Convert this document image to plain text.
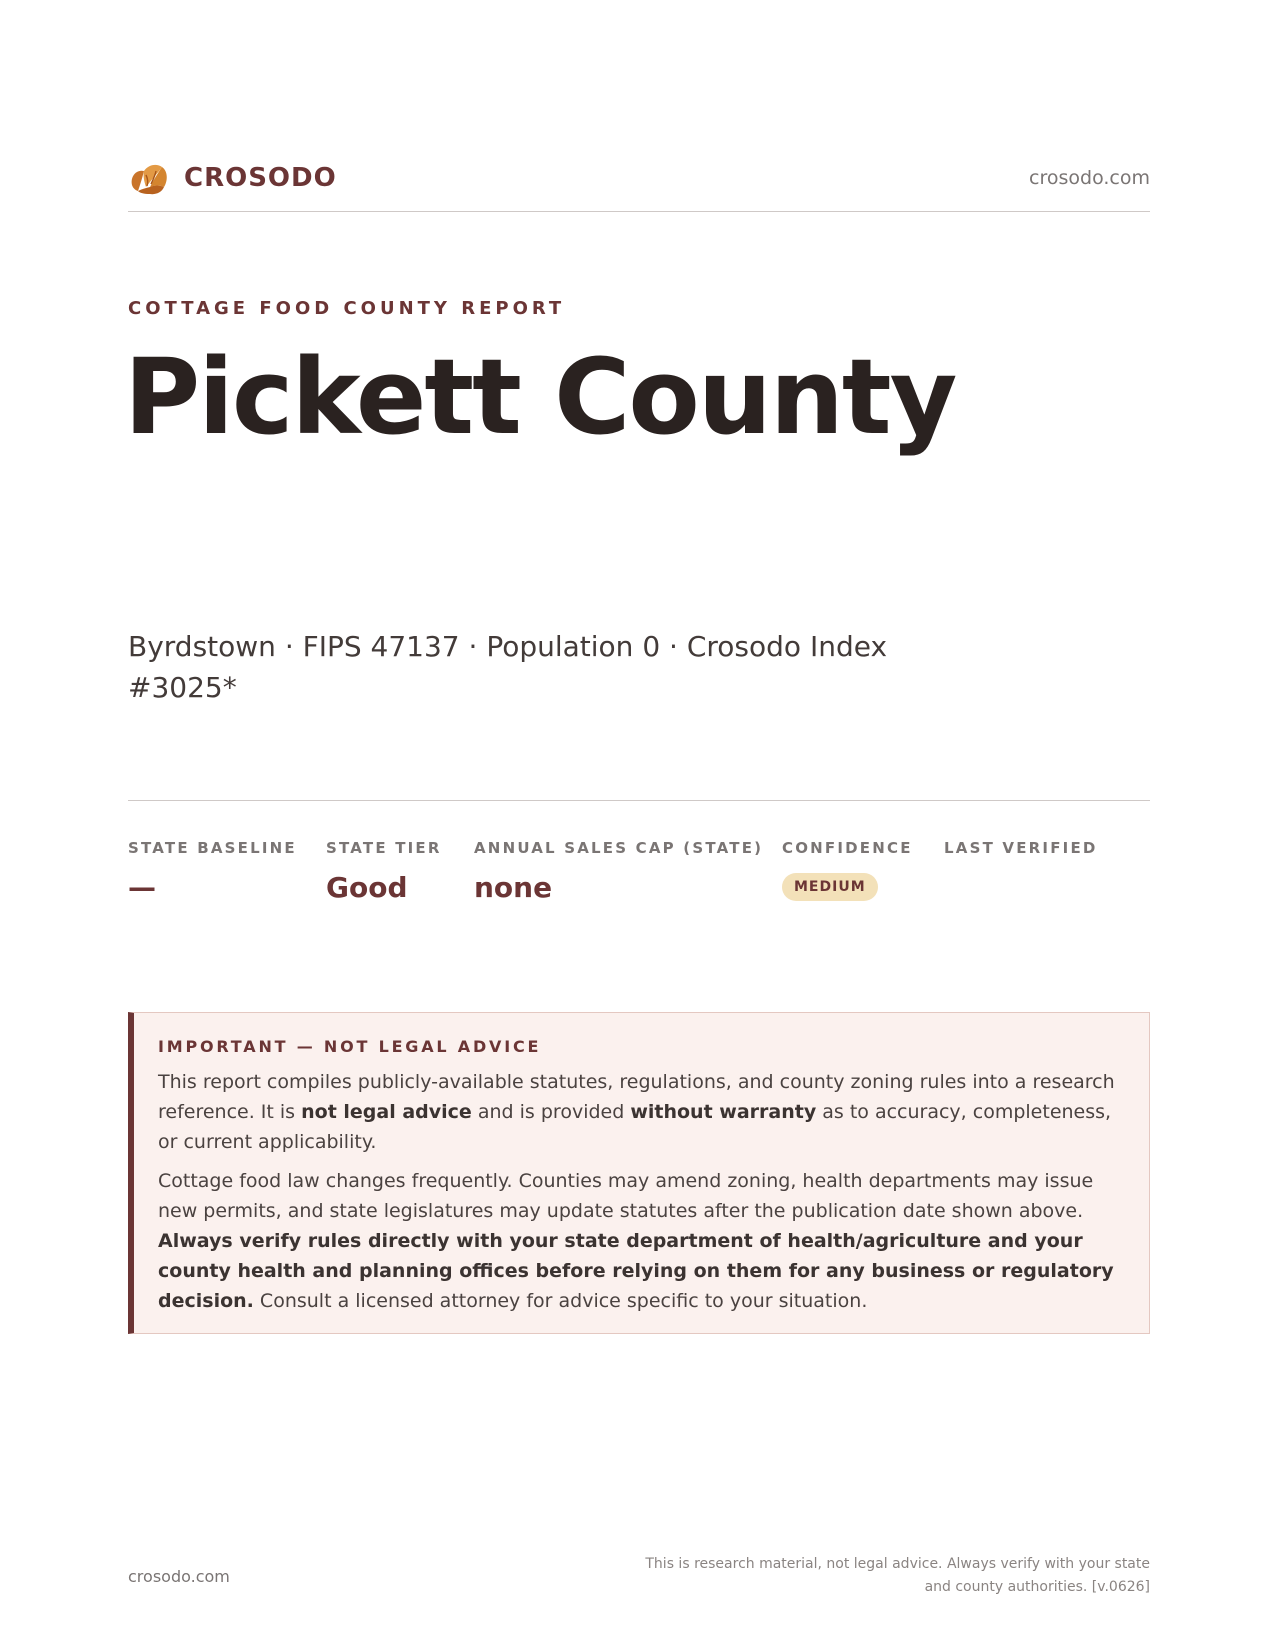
CROSODO	crosodo.com
COTTAGE FOOD COUNTY REPORT
Pickett County
Byrdstown · FIPS 47137 · Population 0 · Crosodo Index #3025*
STATE BASELINE
—
STATE TIER
Good
ANNUAL SALES CAP (STATE)
none
CONFIDENCE
MEDIUM
LAST VERIFIED
IMPORTANT — NOT LEGAL ADVICE

This report compiles publicly-available statutes, regulations, and county zoning rules into a research reference. It is not legal advice and is provided without warranty as to accuracy, completeness, or current applicability.

Cottage food law changes frequently. Counties may amend zoning, health departments may issue new permits, and state legislatures may update statutes after the publication date shown above. Always verify rules directly with your state department of health/agriculture and your county health and planning offices before relying on them for any business or regulatory decision. Consult a licensed attorney for advice specific to your situation.

crosodo.com
This is research material, not legal advice. Always verify with your state
and county authorities. [v.0626]
